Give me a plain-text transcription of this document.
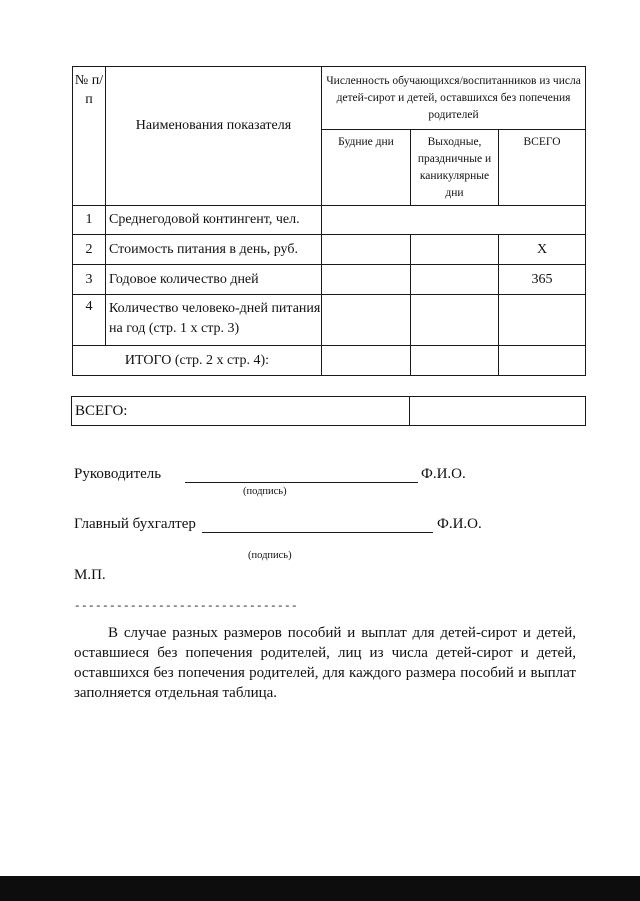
№ п/п	Наименования показателя	Численность обучающихся/воспитанников из числа детей-сирот и детей, оставшихся без попечения родителей		
		Будние дни	Выходные, праздничные и каникулярные дни	ВСЕГО
1	Среднегодовой контингент, чел.			
2	Стоимость питания в день, руб.			Х
3	Годовое количество дней			365
4	Количество человеко-дней питания на год (стр. 1 х стр. 3)			
ИТОГО (стр. 2 х стр. 4):				
ВСЕГО:	
Руководитель	Ф.И.О.
(подпись)
Главный бухгалтер	Ф.И.О.
(подпись)
М.П.
--------------------------------

В случае разных размеров пособий и выплат для детей-сирот и детей, оставшиеся без попечения родителей, лиц из числа детей-сирот и детей, оставшихся без попечения родителей, для каждого размера пособий и выплат заполняется отдельная таблица.
